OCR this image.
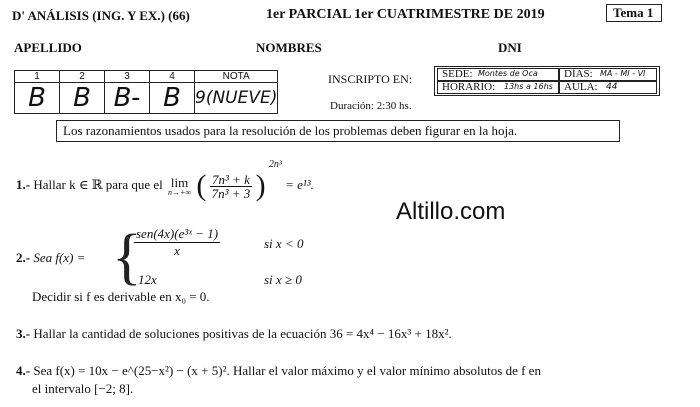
D' ANÁLISIS (ING. Y EX.) (66)	1er PARCIAL 1er CUATRIMESTRE DE 2019	Tema 1
APELLIDO	NOMBRES	DNI
1	2	3	4	NOTA
B	B	B-	B	9(NUEVE)
INSCRIPTO EN:	SEDE: Montes de Oca DÍAS: MA - MI - VI
HORARIO: 13hs a 16hs AULA: 44
Duración: 2:30 hs.
Los razonamientos usados para la resolución de los problemas deben figurar en la hoja.
Altillo.com
1.- Hallar k ∈ ℝ para que el lim
n→+∞ ( $\frac{\text{7n³ + k}}{\text{7n³ + 3}}$ ) $^{2n^3}$ = e¹³.
2.- Sea f(x) = {
$\frac{\text{sen(4x)(e³ˣ − 1)}}{x}$	si x < 0
12x	si x ≥ 0
Decidir si f es derivable en x₀ = 0.
3.- Hallar la cantidad de soluciones positivas de la ecuación 36 = 4x⁴ − 16x³ + 18x².
4.- Sea f(x) = 10x − e^(25−x²) − (x + 5)². Hallar el valor máximo y el valor mínimo absolutos de f en
el intervalo [−2; 8].
